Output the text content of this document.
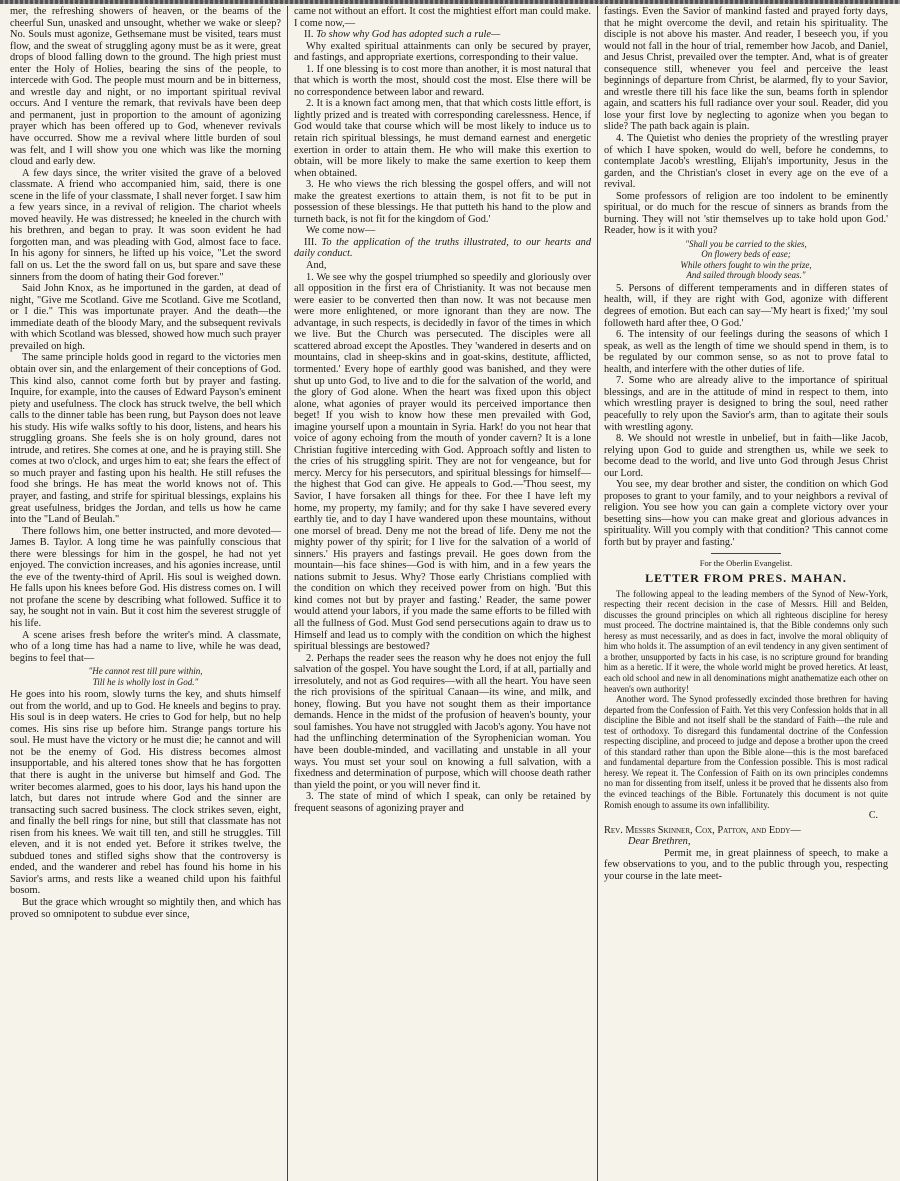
mer, the refreshing showers of heaven, or the beams of the cheerful Sun, unasked and unsought, whether we wake or sleep? No. Souls must agonize, Gethsemane must be visited, tears must flow, and the sweat of struggling agony must be as it were, great drops of blood falling down to the ground. The high priest must enter the Holy of Holies, bearing the sins of the people, to intercede with God. The people must mourn and be in bitterness, and wrestle day and night, or no important spiritual revival occurs. And I venture the remark, that revivals have been deep and permanent, just in proportion to the amount of agonizing prayer which has been offered up to God, whenever revivals have occurred. Show me a revival where little burden of soul was felt, and I will show you one which was like the morning cloud and early dew.

A few days since, the writer visited the grave of a beloved classmate. A friend who accompanied him, said, there is one scene in the life of your classmate, I shall never forget. I saw him a few years since, in a revival of religion. The chariot wheels moved heavily. He was distressed; he kneeled in the church with his brethren, and began to pray. It was soon evident he had forgotten man, and was pleading with God, almost face to face. In his agony for sinners, he lifted up his voice, "Let the sword fall on us. Let the the sword fall on us, but spare and save these sinners from the doom of hating their God forever."

Said John Knox, as he importuned in the garden, at dead of night, "Give me Scotland. Give me Scotland. Give me Scotland, or I die." This was importunate prayer. And the death—the immediate death of the bloody Mary, and the subsequent revivals with which Scotland was blessed, showed how much such prayer prevailed on high.

The same principle holds good in regard to the victories men obtain over sin, and the enlargement of their conceptions of God. This kind also, cannot come forth but by prayer and fasting. Inquire, for example, into the causes of Edward Payson's eminent piety and usefulness. The clock has struck twelve, the bell which calls to the dinner table has been rung, but Payson does not leave his study. His wife walks softly to his door, listens, and hears his struggling groans. She feels she is on holy ground, dares not intrude, and retires. She comes at one, and he is praying still. She comes at two o'clock, and urges him to eat; she fears the effect of so much prayer and fasting upon his health. He still refuses the food she brings. He has meat the world knows not of. This prayer, and fasting, and strife for spiritual blessings, explains his great usefulness, bridges the Jordan, and tells us how he came into the "Land of Beulah."

There follows him, one better instructed, and more devoted—James B. Taylor. A long time he was painfully conscious that there were blessings for him in the gospel, he had not yet enjoyed. The conviction increases, and his agonies increase, until the eve of the twenty-third of April. His soul is weighed down. He falls upon his knees before God. His distress comes on. I will not profane the scene by describing what followed. Suffice it to say, he sought not in vain. But it cost him the severest struggle of his life.

A scene arises fresh before the writer's mind. A classmate, who of a long time has had a name to live, while he was dead, begins to feel that—

"He cannot rest till pure within,
Till he is wholly lost in God."

He goes into his room, slowly turns the key, and shuts himself out from the world, and up to God. He kneels and begins to pray. His soul is in deep waters. He cries to God for help, but no help comes. His sins rise up before him. Strange pangs torture his soul. He must have the victory or he must die; he cannot and will not be the enemy of God. His distress becomes almost insupportable, and his altered tones show that he has forgotten that there is aught in the universe but himself and God. The writer becomes alarmed, goes to his door, lays his hand upon the latch, but dares not intrude where God and the sinner are transacting such sacred business. The clock strikes seven, eight, and finally the bell rings for nine, but still that classmate has not risen from his knees. We wait till ten, and still he struggles. Till eleven, and it is not ended yet. Before it strikes twelve, the subdued tones and stifled sighs show that the controversy is ended, and the wanderer and rebel has found his home in his Savior's arms, and rests like a weaned child upon his faithful bosom.

But the grace which wrought so mightily then, and which has proved so omnipotent to subdue ever since,

came not without an effort. It cost the mightiest effort man could make. I come now,—

II. To show why God has adopted such a rule—

Why exalted spiritual attainments can only be secured by prayer, and fastings, and appropriate exertions, corresponding to their value.

1. If one blessing is to cost more than another, it is most natural that that which is worth the most, should cost the most. Else there will be no correspondence between labor and reward.

2. It is a known fact among men, that that which costs little effort, is lightly prized and is treated with corresponding carelessness. Hence, if God would take that course which will be most likely to induce us to retain rich spiritual blessings, he must demand earnest and energetic exertion in order to attain them. He who will make this exertion to obtain, will be more likely to make the same exertion to keep them when obtained.

3. He who views the rich blessing the gospel offers, and will not make the greatest exertions to attain them, is not fit to be put in possession of these blessings. He that putteth his hand to the plow and turneth back, is not fit for the kingdom of God.'

We come now—

III. To the application of the truths illustrated, to our hearts and daily conduct.

And,

1. We see why the gospel triumphed so speedily and gloriously over all opposition in the first era of Christianity. It was not because men were easier to be converted then than now. It was not because men were more enlightened, or more ignorant than they are now. The advantage, in such respects, is decidedly in favor of the times in which we live. But the Church was persecuted. The disciples were all scattered abroad except the Apostles. They 'wandered in deserts and on mountains, clad in sheep-skins and in goat-skins, destitute, afflicted, tormented.' Every hope of earthly good was banished, and they were shut up unto God, to live and to die for the salvation of the world, and the glory of God alone. When the heart was fixed upon this object alone, what agonies of prayer would its perceived importance then beget! If you wish to know how these men prevailed with God, imagine yourself upon a mountain in Syria. Hark! do you not hear that voice of agony echoing from the mouth of yonder cavern? It is a lone Christian fugitive interceding with God. Approach softly and listen to the cries of his struggling spirit. They are not for vengeance, but for mercy. Mercy for his persecutors, and spiritual blessings for himself—the highest that God can give. He appeals to God.—'Thou seest, my Savior, I have forsaken all things for thee. For thee I have left my home, my property, my family; and for thy sake I have severed every earthly tie, and to day I have wandered upon these mountains, without one morsel of bread. Deny me not the bread of life. Deny me not the mighty power of thy spirit; for I live for the salvation of a world of sinners.' His prayers and fastings prevail. He goes down from the mountain—his face shines—God is with him, and in a few years the nations submit to Jesus. Why? Those early Christians complied with the condition on which they received power from on high. 'But this kind comes not but by prayer and fasting.' Reader, the same power would attend your labors, if you made the same efforts to be filled with all the fullness of God. Must God send persecutions again to draw us to Himself and lead us to comply with the condition on which the highest spiritual blessings are bestowed?

2. Perhaps the reader sees the reason why he does not enjoy the full salvation of the gospel. You have sought the Lord, if at all, partially and irresolutely, and not as God requires—with all the heart. You have seen the rich provisions of the spiritual Canaan—its wine, and milk, and honey, flowing. But you have not sought them as their importance demands. Hence in the midst of the profusion of heaven's bounty, your soul famishes. You have not struggled with Jacob's agony. You have not had the unflinching determination of the Syrophenician woman. You have been double-minded, and vacillating and unstable in all your ways. You must set your soul on knowing a full salvation, with a fixedness and determination of purpose, which will choose death rather than yield the point, or you will never find it.

3. The state of mind of which I speak, can only be retained by frequent seasons of agonizing prayer and

fastings. Even the Savior of mankind fasted and prayed forty days, that he might overcome the devil, and retain his spirituality. The disciple is not above his master. And reader, I beseech you, if you would not fall in the hour of trial, remember how Jacob, and Daniel, and Jesus Christ, prevailed over the tempter. And, what is of greater consequence still, whenever you feel and perceive the least beginnings of departure from Christ, be alarmed, fly to your Savior, and wrestle there till his face like the sun, beams forth in splendor again, and scatters his full radiance over your soul. Reader, did you lose your first love by neglecting to agonize when you began to slide? The path back again is plain.

4. The Quietist who denies the propriety of the wrestling prayer of which I have spoken, would do well, before he condemns, to contemplate Jacob's wrestling, Elijah's importunity, Jesus in the garden, and the Christian's closet in every age on the eve of a revival.

Some professors of religion are too indolent to be eminently spiritual, or do much for the rescue of sinners as brands from the burning. They will not 'stir themselves up to take hold upon God.' Reader, how is it with you?

"Shall you be carried to the skies,
On flowery beds of ease;
While others fought to win the prize,
And sailed through bloody seas."

5. Persons of different temperaments and in differen states of health, will, if they are right with God, agonize with different degrees of emotion. But each can say—'My heart is fixed;' 'my soul followeth hard after thee, O God.'

6. The intensity of our feelings during the seasons of which I speak, as well as the length of time we should spend in them, is to be regulated by our common sense, so as not to prove fatal to health, and interfere with the other duties of life.

7. Some who are already alive to the importance of spiritual blessings, and are in the attitude of mind in respect to them, into which wrestling prayer is designed to bring the soul, need rather peacefully to rely upon the Savior's arm, than to agitate their souls with wrestling agony.

8. We should not wrestle in unbelief, but in faith—like Jacob, relying upon God to guide and strengthen us, while we seek to become dead to the world, and live unto God through Jesus Christ our Lord.

You see, my dear brother and sister, the condition on which God proposes to grant to your family, and to your neighbors a revival of religion. You see how you can gain a complete victory over your besetting sins—how you can make great and glorious advances in spirituality. Will you comply with that condition? 'This cannot come forth but by prayer and fasting.'

For the Oberlin Evangelist.
LETTER FROM PRES. MAHAN.

The following appeal to the leading members of the Synod of New-York, respecting their recent decision in the case of Messrs. Hill and Belden, discusses the ground principles on which all righteous discipline for heresy must proceed. The doctrine maintained is, that the Bible condemns only such heresy as must necessarily, and as does in fact, involve the moral obliquity of him who holds it. The assumption of an evil tendency in any given sentiment of a brother, unsupported by facts in his case, is no scripture ground for branding him as a heretic. If it were, the whole world might be proved heretics. At least, each old school and new in all denominations might anathematize each other on heaven's own authority!

Another word. The Synod professedly excinded those brethren for having departed from the Confession of Faith. Yet this very Confession holds that in all discipline the Bible and not itself shall be the standard of Faith—the rule and test of orthodoxy. To disregard this fundamental doctrine of the Confession respecting discipline, and proceed to judge and depose a brother upon the creed of this standard rather than upon the Bible alone—this is the most barefaced and fundamental departure from the Confession possible. This is most radical heresy. We repeat it. The Confession of Faith on its own principles condemns no man for dissenting from itself, unless it be proved that he dissents also from the evinced teachings of the Bible. Fortunately this document is not quite Romish enough to assume its own infallibility.

C.

Rev. Messrs Skinner, Cox, Patton, and Eddy—

Dear Brethren,

Permit me, in great plainness of speech, to make a few observations to you, and to the public through you, respecting your course in the late meet-
